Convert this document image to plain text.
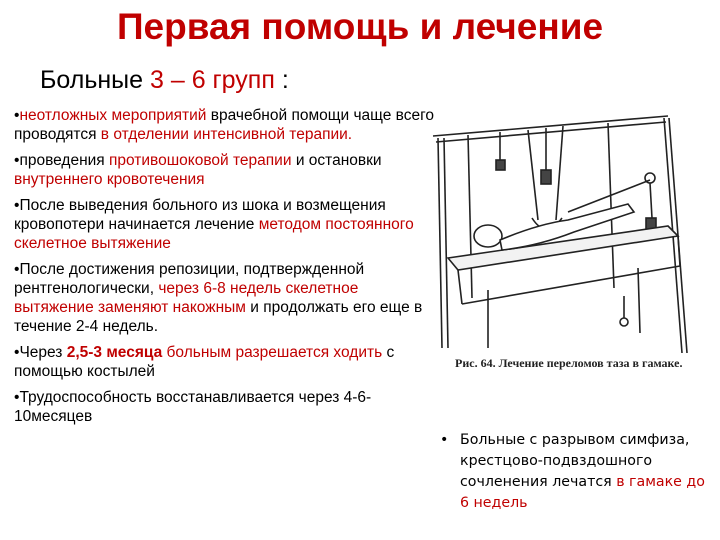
Первая помощь и лечение
Больные 3 – 6 групп :

•неотложных мероприятий врачебной помощи чаще всего проводятся в отделении интенсивной терапии.

•проведения противошоковой терапии и остановки внутреннего кровотечения

•После выведения больного из шока и возмещения кровопотери начинается лечение методом постоянного скелетное вытяжение

•После достижения репозиции, подтвержденной рентгенологически, через 6-8 недель скелетное вытяжение заменяют накожным и продолжать его еще в течение 2-4 недель.

•Через 2,5-3 месяца больным разрешается ходить с помощью костылей

•Трудоспособность восстанавливается через 4-6-10месяцев

Рис. 64. Лечение переломов таза в гамаке.
• Больные с разрывом симфиза, крестцово-подвздошного сочленения лечатся в гамаке до 6 недель
